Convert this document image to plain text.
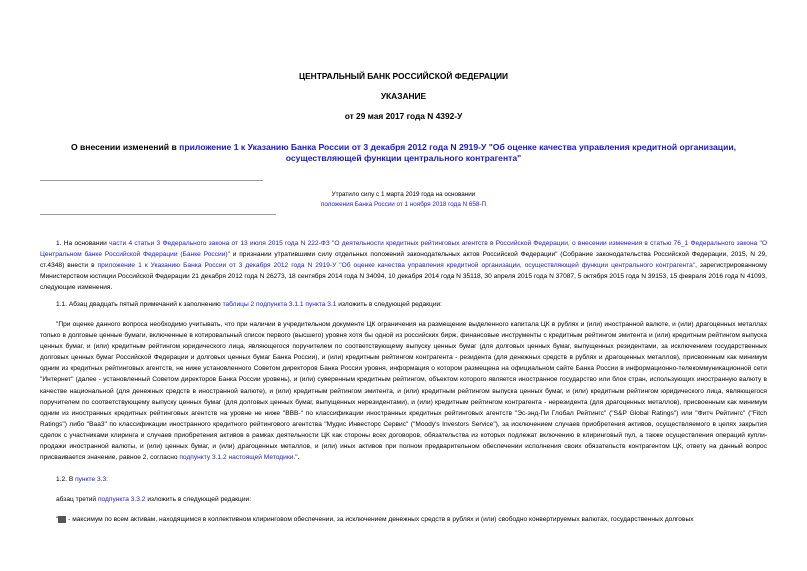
ЦЕНТРАЛЬНЫЙ БАНК РОССИЙСКОЙ ФЕДЕРАЦИИ
УКАЗАНИЕ
от 29 мая 2017 года N 4392-У
О внесении изменений в приложение 1 к Указанию Банка России от 3 декабря 2012 года N 2919-У "Об оценке качества управления кредитной организации, осуществляющей функции центрального контрагента"
Утратило силу с 1 марта 2019 года на основании
положения Банка России от 1 ноября 2018 года N 658-П
1. На основании части 4 статьи 3 Федерального закона от 13 июля 2015 года N 222-ФЗ "О деятельности кредитных рейтинговых агентств в Российской Федерации, о внесении изменения в статью 76_1 Федерального закона "О Центральном банке Российской Федерации (Банке России)" и признании утратившими силу отдельных положений законодательных актов Российской Федерации" (Собрание законодательства Российской Федерации, 2015, N 29, ст.4348) внести в приложение 1 к Указанию Банка России от 3 декабря 2012 года N 2919-У "Об оценке качества управления кредитной организации, осуществляющей функции центрального контрагента", зарегистрированному Министерством юстиции Российской Федерации 21 декабря 2012 года N 26273, 18 сентября 2014 года N 34094, 10 декабря 2014 года N 35118, 30 апреля 2015 года N 37087, 5 октября 2015 года N 39153, 15 февраля 2016 года N 41093, следующие изменения.
1.1. Абзац двадцать пятый примечаний к заполнению таблицы 2 подпункта 3.1.1 пункта 3.1 изложить в следующей редакции:
"При оценке данного вопроса необходимо учитывать, что при наличии в учредительном документе ЦК ограничения на размещение выделенного капитала ЦК в рублях и (или) иностранной валюте, и (или) драгоценных металлах только в долговые ценные бумаги, включенные в котировальный список первого (высшего) уровня хотя бы одной из российских бирж, финансовые инструменты с кредитным рейтингом эмитента и (или) кредитным рейтингом выпуска ценных бумаг, и (или) кредитным рейтингом юридического лица, являющегося поручителем по соответствующему выпуску ценных бумаг (для долговых ценных бумаг, выпущенных резидентами, за исключением государственных долговых ценных бумаг Российской Федерации и долговых ценных бумаг Банка России), и (или) кредитным рейтингом контрагента - резидента (для денежных средств в рублях и драгоценных металлов), присвоенным как минимум одним из кредитных рейтинговых агентств, не ниже установленного Советом директоров Банка России уровня, информация о котором размещена на официальном сайте Банка России в информационно-телекоммуникационной сети "Интернет" (далее - установленный Советом директоров Банка России уровень), и (или) суверенным кредитным рейтингом, объектом которого является иностранное государство или блок стран, использующих иностранную валюту в качестве национальной (для денежных средств в иностранной валюте), и (или) кредитным рейтингом эмитента, и (или) кредитным рейтингом выпуска ценных бумаг, и (или) кредитным рейтингом юридического лица, являющегося поручителем по соответствующему выпуску ценных бумаг (для долговых ценных бумаг, выпущенных нерезидентами), и (или) кредитным рейтингом контрагента - нерезидента (для драгоценных металлов), присвоенным как минимум одним из иностранных кредитных рейтинговых агентств на уровне не ниже "BBB-" по классификации иностранных кредитных рейтинговых агентств "Эс-энд-Пи Глобал Рейтингс" ("S&P Global Ratings") или "Фитч Рейтингс" ("Fitch Ratings") либо "Baa3" по классификации иностранного кредитного рейтингового агентства "Мудис Инвесторс Сервис" ("Moody's Investors Service"), за исключением случаев приобретения активов, осуществляемого в целях закрытия сделок с участниками клиринга и случаев приобретения активов в рамках деятельности ЦК как стороны всех договоров, обязательства из которых подлежат включению в клиринговый пул, а также осуществления операций купли-продажи иностранной валюты, и (или) ценных бумаг, и (или) драгоценных металлов, и (или) иных активов при полном предварительном обеспечении исполнения своих обязательств контрагентом ЦК, ответу на данный вопрос присваивается значение, равное 2, согласно подпункту 3.1.2 настоящей Методики.".
1.2. В пункте 3.3:
абзац третий подпункта 3.3.2 изложить в следующей редакции:
" - максимум по всем активам, находящимся в коллективном клиринговом обеспечении, за исключением денежных средств в рублях и (или) свободно конвертируемых валютах, государственных долговых
